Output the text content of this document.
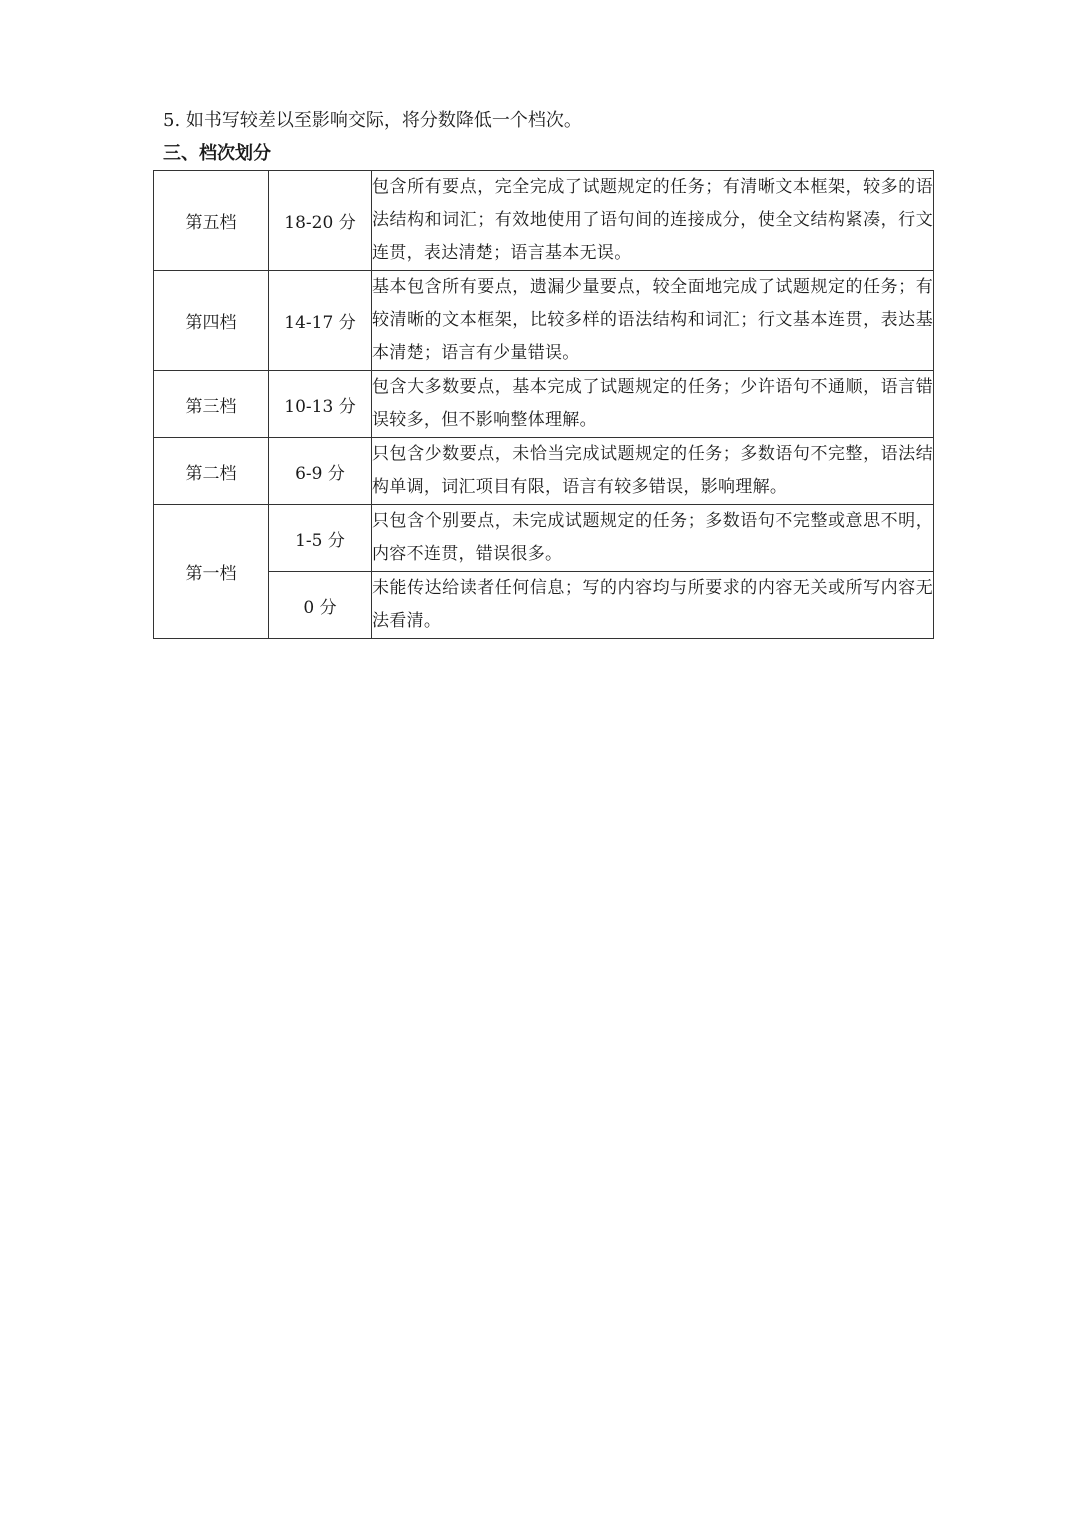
5. 如书写较差以至影响交际，将分数降低一个档次。
三、档次划分
第五档	18-20 分	包含所有要点，完全完成了试题规定的任务；有清晰文本框架，较多的语法结构和词汇；有效地使用了语句间的连接成分，使全文结构紧凑，行文连贯，表达清楚；语言基本无误。
第四档	14-17 分	基本包含所有要点，遗漏少量要点，较全面地完成了试题规定的任务；有较清晰的文本框架，比较多样的语法结构和词汇；行文基本连贯，表达基本清楚；语言有少量错误。
第三档	10-13 分	包含大多数要点，基本完成了试题规定的任务；少许语句不通顺，语言错误较多，但不影响整体理解。
第二档	6-9 分	只包含少数要点，未恰当完成试题规定的任务；多数语句不完整，语法结构单调，词汇项目有限，语言有较多错误，影响理解。
第一档	1-5 分	只包含个别要点，未完成试题规定的任务；多数语句不完整或意思不明，内容不连贯，错误很多。
	0 分	未能传达给读者任何信息；写的内容均与所要求的内容无关或所写内容无法看清。
